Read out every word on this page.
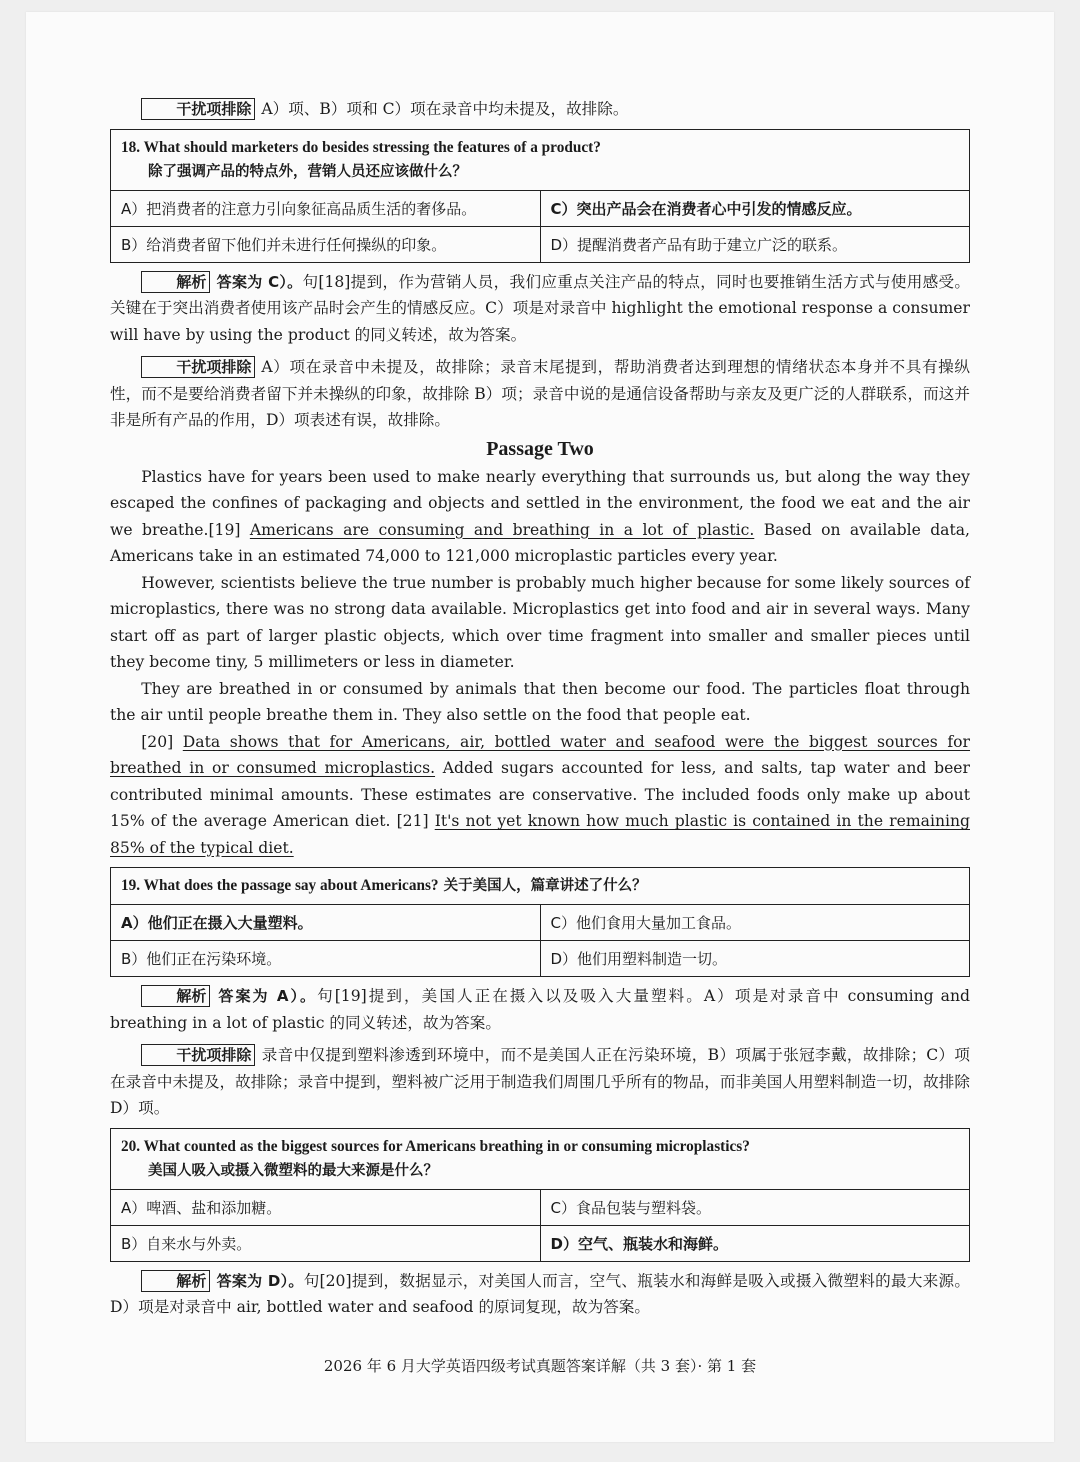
干扰项排除 A）项、B）项和 C）项在录音中均未提及，故排除。

18. What should marketers do besides stressing the features of a product?
除了强调产品的特点外，营销人员还应该做什么？	

A）把消费者的注意力引向象征高品质生活的奢侈品。	C）突出产品会在消费者心中引发的情感反应。
B）给消费者留下他们并未进行任何操纵的印象。	D）提醒消费者产品有助于建立广泛的联系。

解析 答案为 C）。句[18]提到，作为营销人员，我们应重点关注产品的特点，同时也要推销生活方式与使用感受。关键在于突出消费者使用该产品时会产生的情感反应。C）项是对录音中 highlight the emotional response a consumer will have by using the product 的同义转述，故为答案。

干扰项排除 A）项在录音中未提及，故排除；录音末尾提到，帮助消费者达到理想的情绪状态本身并不具有操纵性，而不是要给消费者留下并未操纵的印象，故排除 B）项；录音中说的是通信设备帮助与亲友及更广泛的人群联系，而这并非是所有产品的作用，D）项表述有误，故排除。

Passage Two

Plastics have for years been used to make nearly everything that surrounds us, but along the way they escaped the confines of packaging and objects and settled in the environment, the food we eat and the air we breathe.[19] Americans are consuming and breathing in a lot of plastic. Based on available data, Americans take in an estimated 74,000 to 121,000 microplastic particles every year.

However, scientists believe the true number is probably much higher because for some likely sources of microplastics, there was no strong data available. Microplastics get into food and air in several ways. Many start off as part of larger plastic objects, which over time fragment into smaller and smaller pieces until they become tiny, 5 millimeters or less in diameter.

They are breathed in or consumed by animals that then become our food. The particles float through the air until people breathe them in. They also settle on the food that people eat.

[20] Data shows that for Americans, air, bottled water and seafood were the biggest sources for breathed in or consumed microplastics. Added sugars accounted for less, and salts, tap water and beer contributed minimal amounts. These estimates are conservative. The included foods only make up about 15% of the average American diet. [21] It's not yet known how much plastic is contained in the remaining 85% of the typical diet.

19. What does the passage say about Americans? 关于美国人，篇章讲述了什么？	
A）他们正在摄入大量塑料。	C）他们食用大量加工食品。
B）他们正在污染环境。	D）他们用塑料制造一切。

解析 答案为 A）。句[19]提到，美国人正在摄入以及吸入大量塑料。A）项是对录音中 consuming and breathing in a lot of plastic 的同义转述，故为答案。

干扰项排除 录音中仅提到塑料渗透到环境中，而不是美国人正在污染环境，B）项属于张冠李戴，故排除；C）项在录音中未提及，故排除；录音中提到，塑料被广泛用于制造我们周围几乎所有的物品，而非美国人用塑料制造一切，故排除 D）项。

20. What counted as the biggest sources for Americans breathing in or consuming microplastics?
美国人吸入或摄入微塑料的最大来源是什么？	

A）啤酒、盐和添加糖。	C）食品包装与塑料袋。
B）自来水与外卖。	D）空气、瓶装水和海鲜。

解析 答案为 D）。句[20]提到，数据显示，对美国人而言，空气、瓶装水和海鲜是吸入或摄入微塑料的最大来源。D）项是对录音中 air, bottled water and seafood 的原词复现，故为答案。

2026 年 6 月大学英语四级考试真题答案详解（共 3 套）· 第 1 套
